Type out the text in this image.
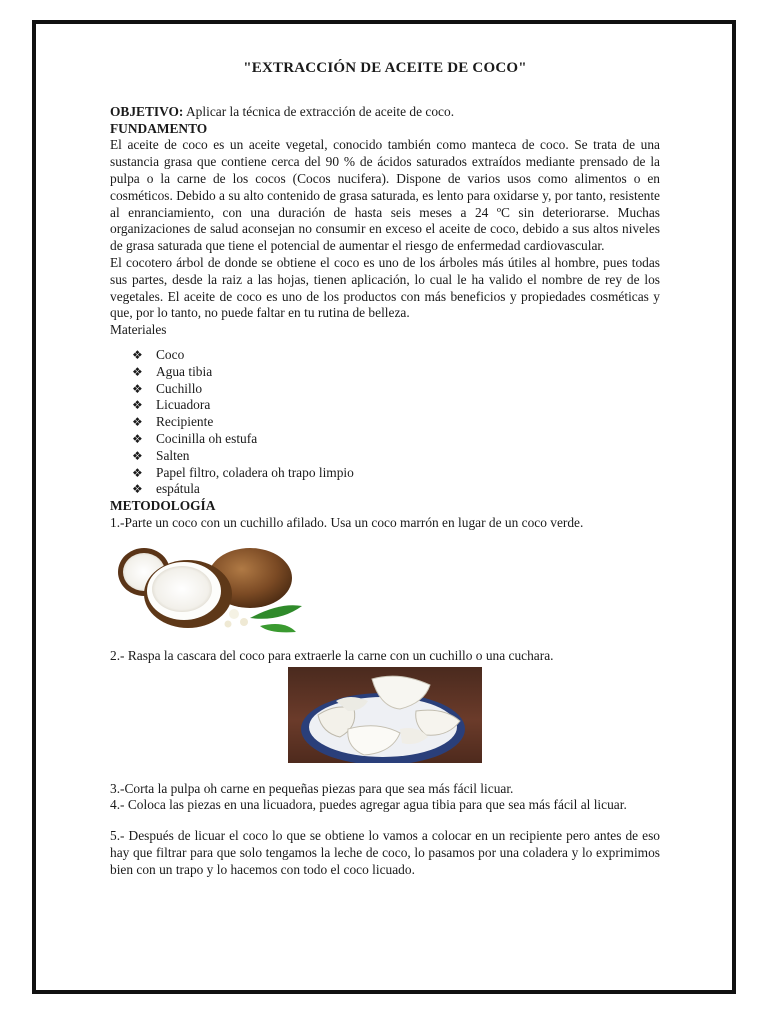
"EXTRACCIÓN DE ACEITE DE COCO"

OBJETIVO: Aplicar la técnica de extracción de aceite de coco.

FUNDAMENTO

El aceite de coco es un aceite vegetal, conocido también como manteca de coco. Se trata de una sustancia grasa que contiene cerca del 90 % de ácidos saturados extraídos mediante prensado de la pulpa o la carne de los cocos (Cocos nucifera). Dispone de varios usos como alimentos o en cosméticos. Debido a su alto contenido de grasa saturada, es lento para oxidarse y, por tanto, resistente al enranciamiento, con una duración de hasta seis meses a 24 ºC sin deteriorarse. Muchas organizaciones de salud aconsejan no consumir en exceso el aceite de coco, debido a sus altos niveles de grasa saturada que tiene el potencial de aumentar el riesgo de enfermedad cardiovascular.

El cocotero árbol de donde se obtiene el coco es uno de los árboles más útiles al hombre, pues todas sus partes, desde la raiz a las hojas, tienen aplicación, lo cual le ha valido el nombre de rey de los vegetales. El aceite de coco es uno de los productos con más beneficios y propiedades cosméticas y que, por lo tanto, no puede faltar en tu rutina de belleza.

Materiales

❖ Coco
❖ Agua tibia
❖ Cuchillo
❖ Licuadora
❖ Recipiente
❖ Cocinilla oh estufa
❖ Salten
❖ Papel filtro, coladera oh trapo limpio
❖ espátula

METODOLOGÍA

1.-Parte un coco con un cuchillo afilado. Usa un coco marrón en lugar de un coco verde.

2.- Raspa la cascara del coco para extraerle la carne con un cuchillo o una cuchara.

3.-Corta la pulpa oh carne en pequeñas piezas para que sea más fácil licuar.

4.- Coloca las piezas en una licuadora, puedes agregar agua tibia para que sea más fácil al licuar.

5.- Después de licuar el coco lo que se obtiene lo vamos a colocar en un recipiente pero antes de eso hay que filtrar para que solo tengamos la leche de coco, lo pasamos por una coladera y lo exprimimos bien con un trapo y lo hacemos con todo el coco licuado.
